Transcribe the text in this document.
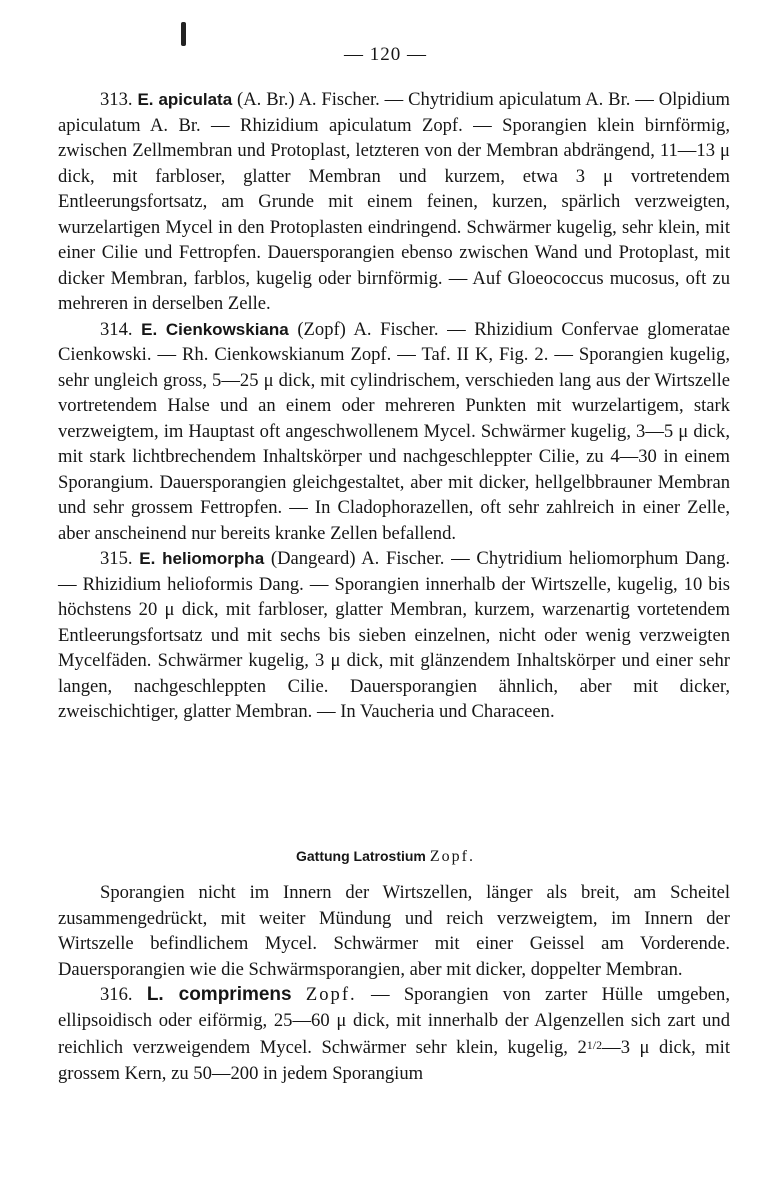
— 120 —

313. E. apiculata (A. Br.) A. Fischer. — Chytridium apiculatum A. Br. — Olpidium apiculatum A. Br. — Rhizidium apiculatum Zopf. — Sporangien klein birnförmig, zwischen Zellmembran und Protoplast, letzteren von der Membran abdrängend, 11—13 μ dick, mit farbloser, glatter Membran und kurzem, etwa 3 μ vortretendem Entleerungsfortsatz, am Grunde mit einem feinen, kurzen, spärlich verzweigten, wurzelartigen Mycel in den Protoplasten eindringend. Schwärmer kugelig, sehr klein, mit einer Cilie und Fettropfen. Dauersporangien ebenso zwischen Wand und Protoplast, mit dicker Membran, farblos, kugelig oder birnförmig. — Auf Gloeococcus mucosus, oft zu mehreren in derselben Zelle.

314. E. Cienkowskiana (Zopf) A. Fischer. — Rhizidium Confervae glomeratae Cienkowski. — Rh. Cienkowskianum Zopf. — Taf. II K, Fig. 2. — Sporangien kugelig, sehr ungleich gross, 5—25 μ dick, mit cylindrischem, verschieden lang aus der Wirtszelle vortretendem Halse und an einem oder mehreren Punkten mit wurzelartigem, stark verzweigtem, im Hauptast oft angeschwollenem Mycel. Schwärmer kugelig, 3—5 μ dick, mit stark lichtbrechendem Inhaltskörper und nachgeschleppter Cilie, zu 4—30 in einem Sporangium. Dauersporangien gleichgestaltet, aber mit dicker, hellgelbbrauner Membran und sehr grossem Fettropfen. — In Cladophorazellen, oft sehr zahlreich in einer Zelle, aber anscheinend nur bereits kranke Zellen befallend.

315. E. heliomorpha (Dangeard) A. Fischer. — Chytridium heliomorphum Dang. — Rhizidium helioformis Dang. — Sporangien innerhalb der Wirtszelle, kugelig, 10 bis höchstens 20 μ dick, mit farbloser, glatter Membran, kurzem, warzenartig vortetendem Entleerungsfortsatz und mit sechs bis sieben einzelnen, nicht oder wenig verzweigten Mycelfäden. Schwärmer kugelig, 3 μ dick, mit glänzendem Inhaltskörper und einer sehr langen, nachgeschleppten Cilie. Dauersporangien ähnlich, aber mit dicker, zweischichtiger, glatter Membran. — In Vaucheria und Characeen.

Gattung Latrostium Zopf.

Sporangien nicht im Innern der Wirtszellen, länger als breit, am Scheitel zusammengedrückt, mit weiter Mündung und reich verzweigtem, im Innern der Wirtszelle befindlichem Mycel. Schwärmer mit einer Geissel am Vorderende. Dauersporangien wie die Schwärmsporangien, aber mit dicker, doppelter Membran.

316. L. comprimens Zopf. — Sporangien von zarter Hülle umgeben, ellipsoidisch oder eiförmig, 25—60 μ dick, mit innerhalb der Algenzellen sich zart und reichlich verzweigendem Mycel. Schwärmer sehr klein, kugelig, $2^{1/2}—3$ μ dick, mit grossem Kern, zu 50—200 in jedem Sporangium
